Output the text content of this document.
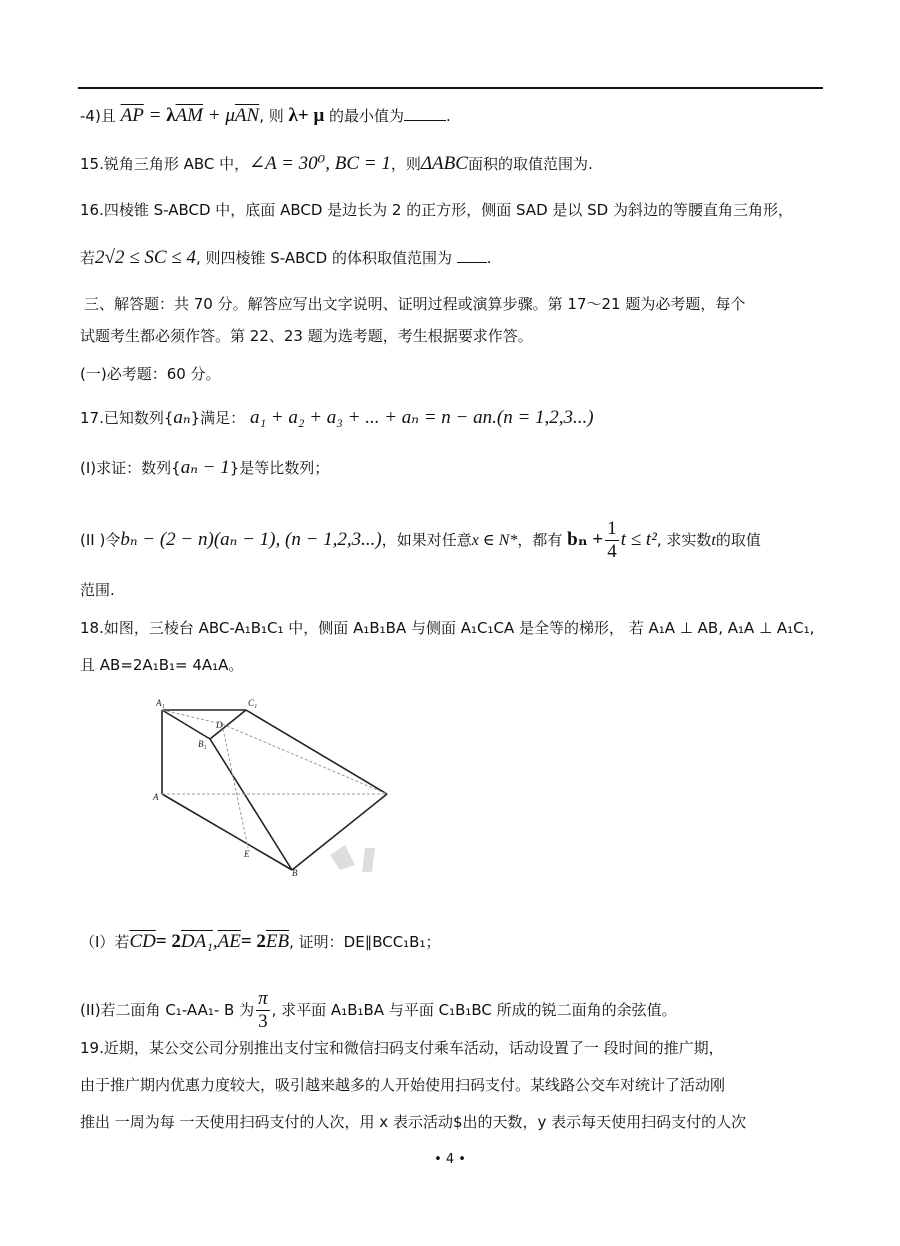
-4)且 $\overline{AP} = \lambda\overline{AM} + \mu\overline{AN}$, 则 λ+ μ 的最小值为	.
15.锐角三角形 ABC 中，∠A = 30⁰, BC = 1，则ΔABC面积的取值范围为.
16.四棱锥 S-ABCD 中，底面 ABCD 是边长为 2 的正方形，侧面 SAD 是以 SD 为斜边的等腰直角三角形，
若2√2 ≤ SC ≤ 4, 则四棱锥 S-ABCD 的体积取值范围为 .
三、解答题：共 70 分。解答应写出文字说明、证明过程或演算步骤。第 17～21 题为必考题，每个
试题考生都必须作答。第 22、23 题为选考题，考生根据要求作答。
(一)必考题：60 分。
17.已知数列{aₙ}满足： a₁ + a₂ + a₃ + ... + aₙ = n − an.(n = 1,2,3...)
(I)求证：数列{aₙ − 1}是等比数列；
(II )令bₙ − (2 − n)(aₙ − 1), (n − 1,2,3...)，如果对任意x ∈ N*，都有 $b_n + \frac{1}{4}$ t ≤ t², 求实数t的取值
范围.
18.如图，三棱台 ABC-A₁B₁C₁ 中，侧面 A₁B₁BA 与侧面 A₁C₁CA 是全等的梯形， 若 A₁A ⊥ AB, A₁A ⊥ A₁C₁,
且 AB=2A₁B₁= 4A₁A。
A₁	C₁
D
B₁
A
E
B
（I）若$\overline{CD}= 2DA_1,\overline{AE}= 2\overline{EB}$, 证明：DE∥BCC₁B₁；
(II)若二面角 C₁-AA₁- B 为 $\frac{\pi}{3}$ , 求平面 A₁B₁BA 与平面 C₁B₁BC 所成的锐二面角的余弦值。
19.近期，某公交公司分别推出支付宝和微信扫码支付乘车活动，话动设置了一 段时间的推广期，
由于推广期内优惠力度较大，吸引越来越多的人开始使用扫码支付。某线路公交车对统计了活动刚
推出 一周为每 一天使用扫码支付的人次，用 x 表示活动$出的天数，y 表示每天使用扫码支付的人次
• 4 •
